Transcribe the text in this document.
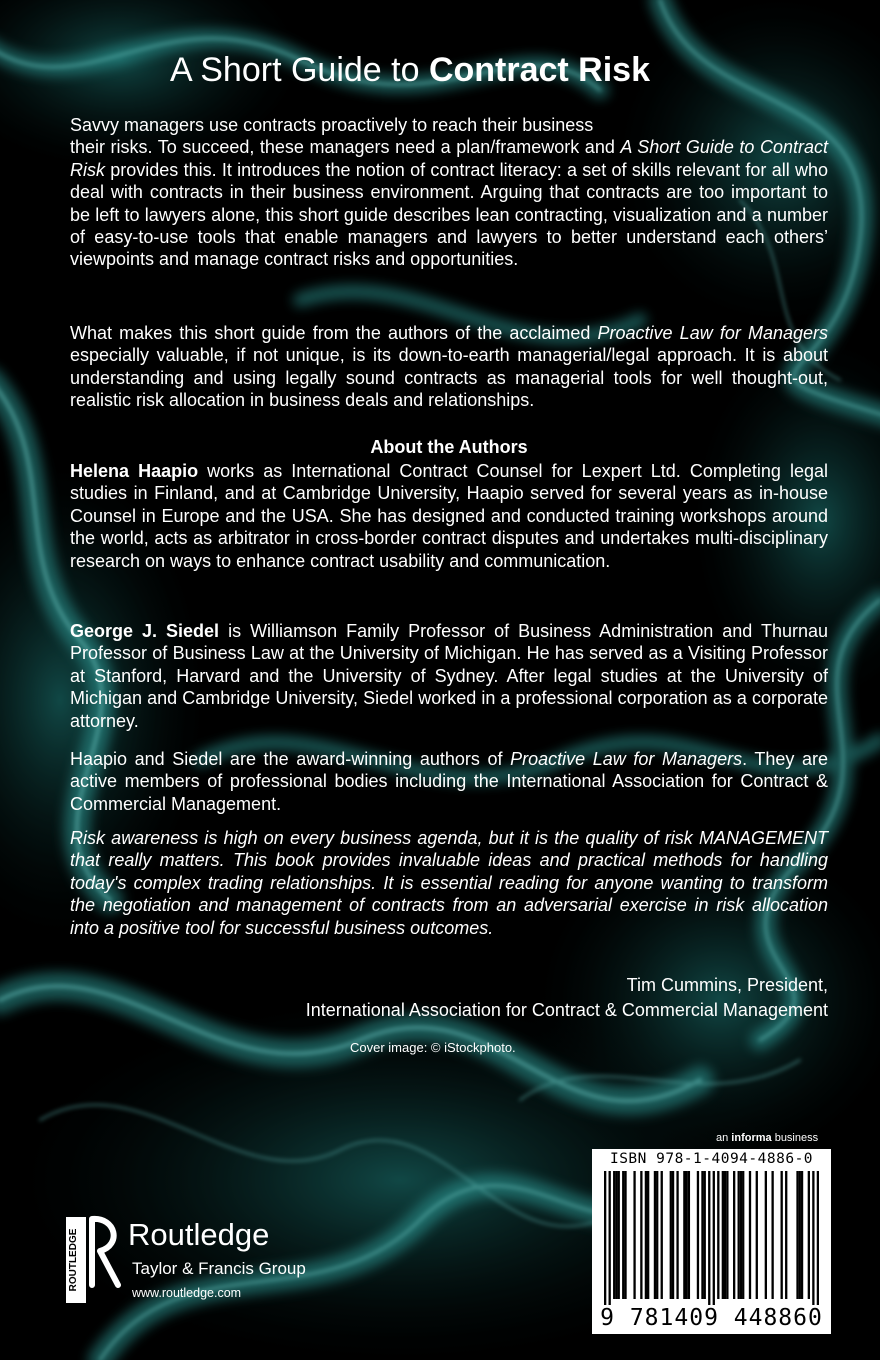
A Short Guide to Contract Risk

Savvy managers use contracts proactively to reach their business
their risks. To succeed, these managers need a plan/framework and A Short Guide to Contract Risk provides this. It introduces the notion of contract literacy: a set of skills relevant for all who deal with contracts in their business environment. Arguing that contracts are too important to be left to lawyers alone, this short guide describes lean contracting, visualization and a number of easy-to-use tools that enable managers and lawyers to better understand each others’ viewpoints and manage contract risks and opportunities.

What makes this short guide from the authors of the acclaimed Proactive Law for Managers especially valuable, if not unique, is its down-to-earth managerial/legal approach. It is about understanding and using legally sound contracts as managerial tools for well thought-out, realistic risk allocation in business deals and relationships.

About the Authors

Helena Haapio works as International Contract Counsel for Lexpert Ltd. Completing legal studies in Finland, and at Cambridge University, Haapio served for several years as in-house Counsel in Europe and the USA. She has designed and conducted training workshops around the world, acts as arbitrator in cross-border contract disputes and undertakes multi-disciplinary research on ways to enhance contract usability and communication.

George J. Siedel is Williamson Family Professor of Business Administration and Thurnau Professor of Business Law at the University of Michigan. He has served as a Visiting Professor at Stanford, Harvard and the University of Sydney. After legal studies at the University of Michigan and Cambridge University, Siedel worked in a professional corporation as a corporate attorney.

Haapio and Siedel are the award-winning authors of Proactive Law for Managers. They are active members of professional bodies including the International Association for Contract & Commercial Management.

Risk awareness is high on every business agenda, but it is the quality of risk MANAGEMENT that really matters. This book provides invaluable ideas and practical methods for handling today's complex trading relationships. It is essential reading for anyone wanting to transform the negotiation and management of contracts from an adversarial exercise in risk allocation into a positive tool for successful business outcomes.

Tim Cummins, President,
International Association for Contract & Commercial Management
Cover image: © iStockphoto.
an informa business
ISBN 978-1-4094-4886-0
9 781409 448860
ROUTLEDGE Routledge
Taylor & Francis Group
www.routledge.com
